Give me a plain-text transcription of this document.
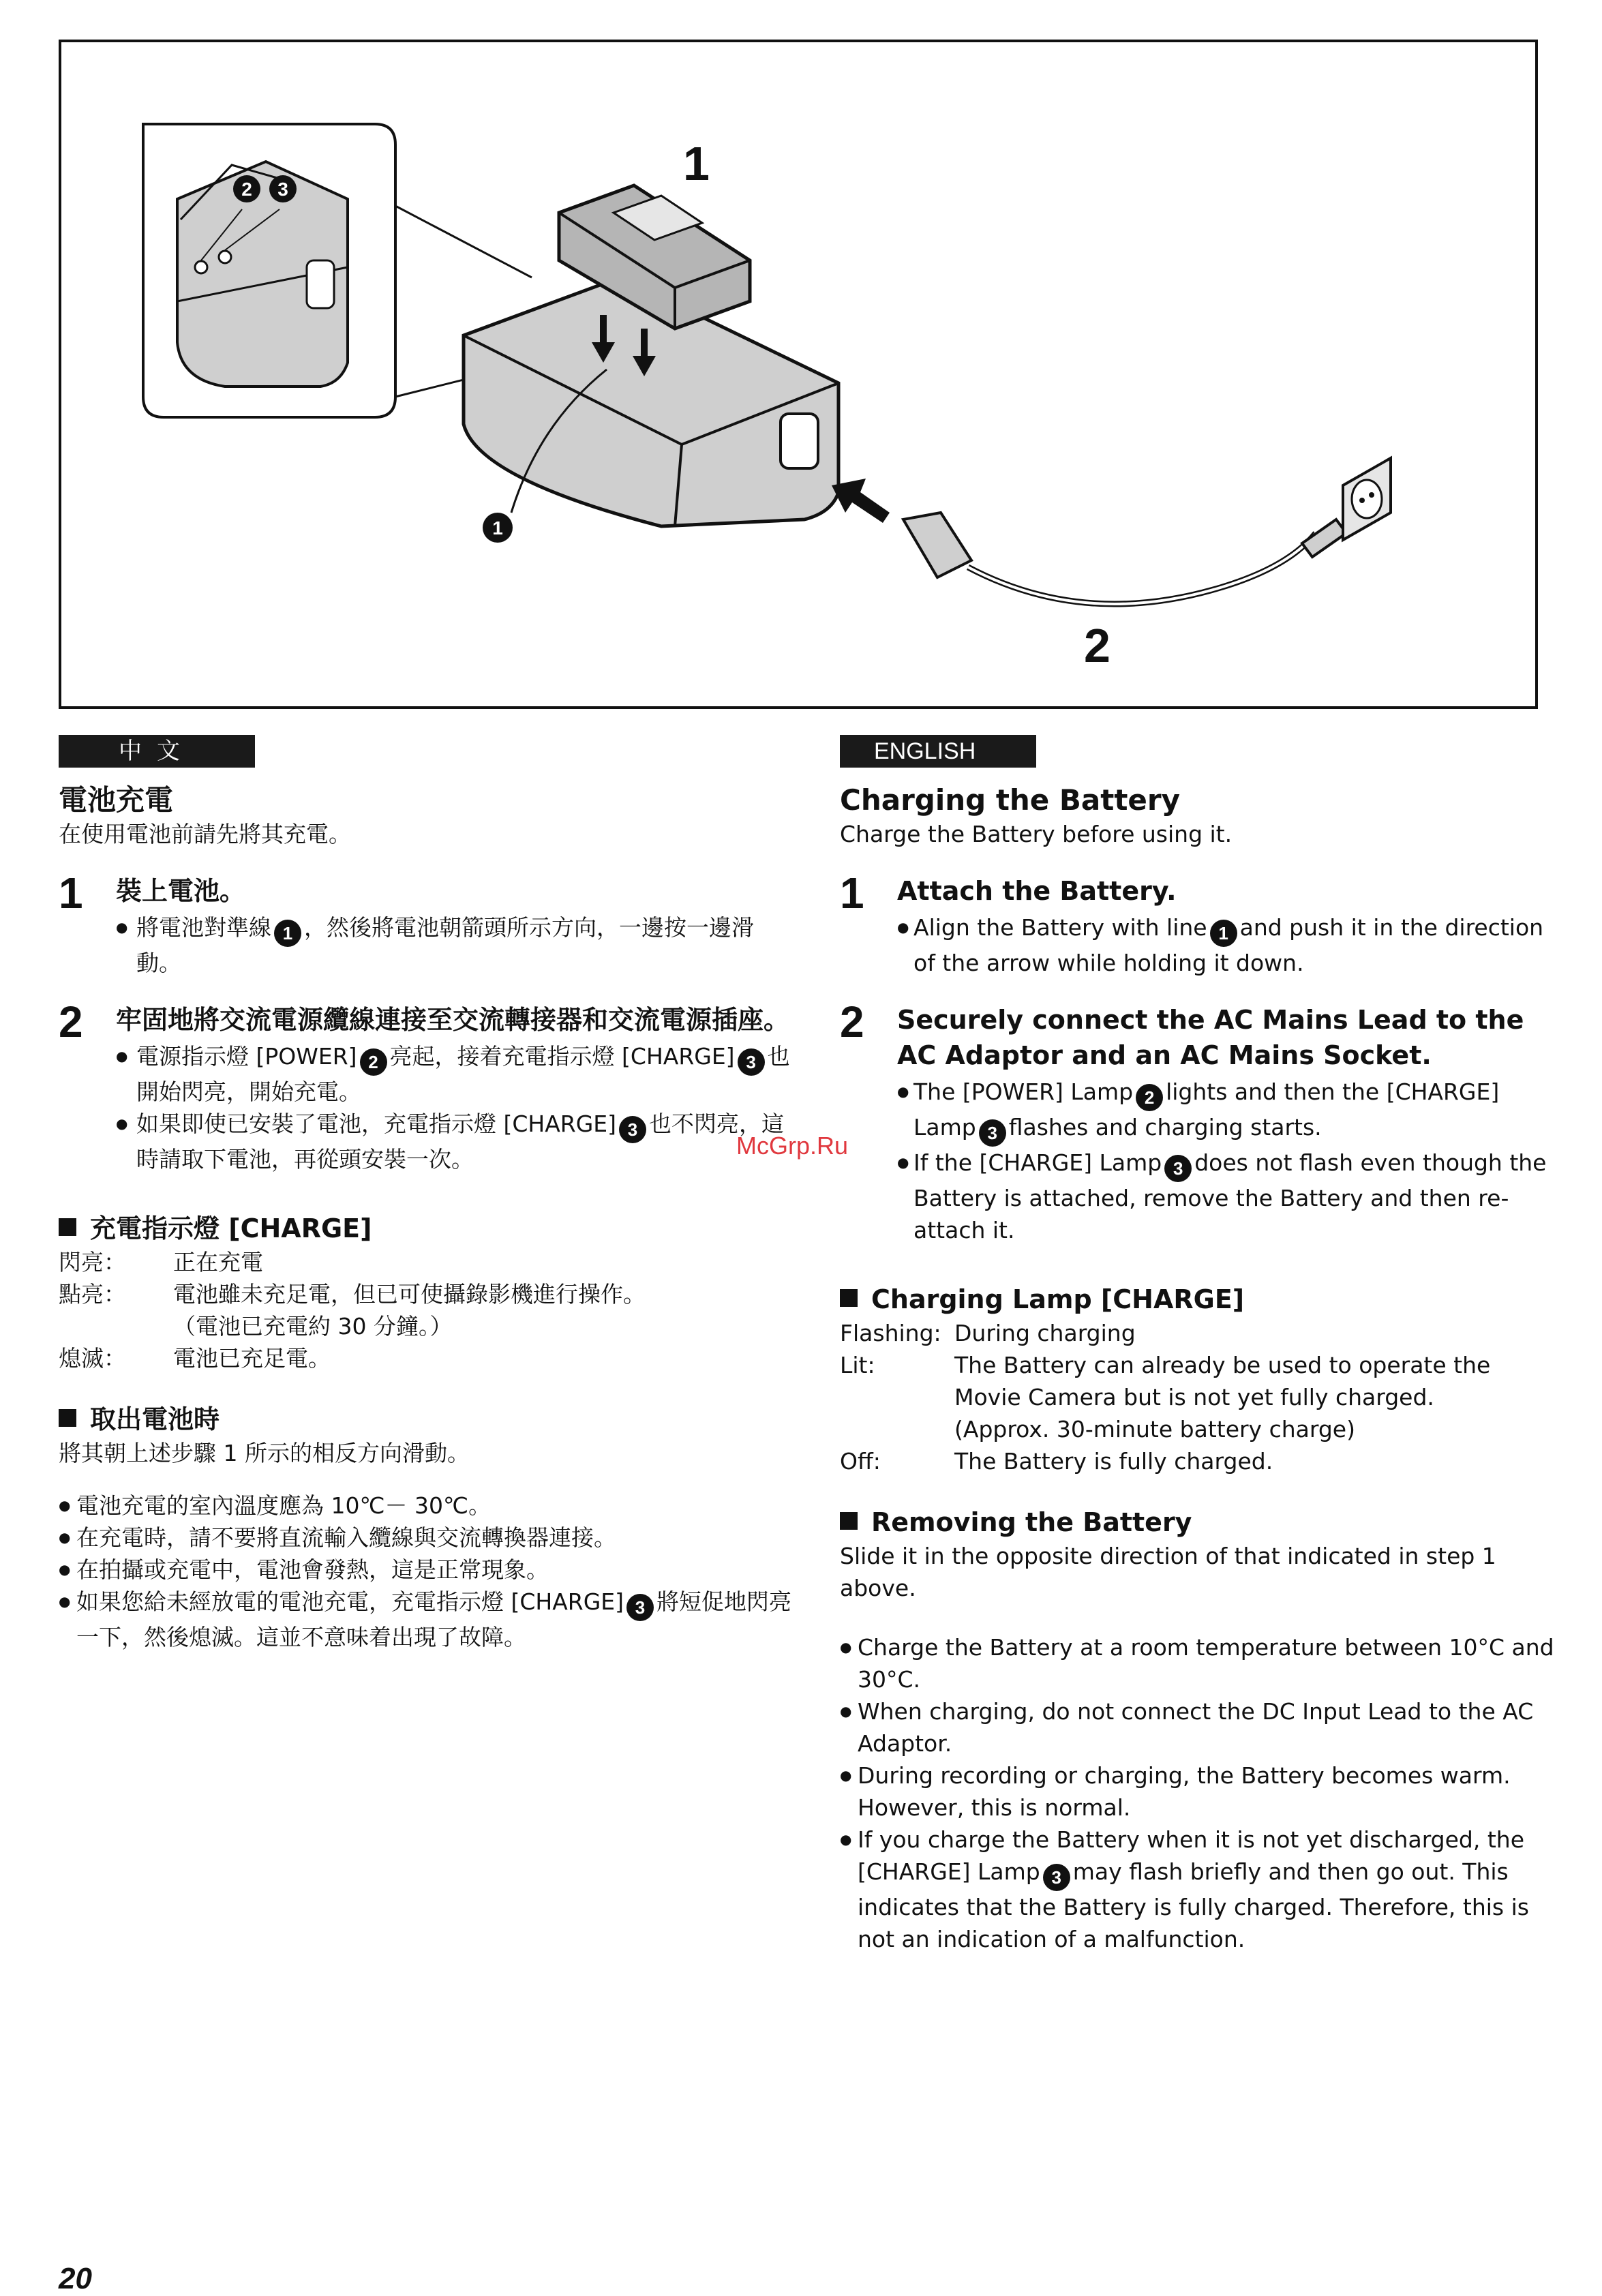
2 3
1
1
2
中文
電池充電
在使用電池前請先將其充電。
1 裝上電池。
● 將電池對準線 1 ，然後將電池朝箭頭所示方向，一邊按一邊滑動。
2 牢固地將交流電源纜線連接至交流轉接器和交流電源插座。
● 電源指示燈 [POWER] 2 亮起，接着充電指示燈 [CHARGE] 3 也開始閃亮，開始充電。
● 如果即使已安裝了電池，充電指示燈 [CHARGE] 3 也不閃亮，這時請取下電池，再從頭安裝一次。
充電指示燈 [CHARGE]
閃亮：	正在充電
點亮：	電池雖未充足電，但已可使攝錄影機進行操作。
（電池已充電約 30 分鐘。）
熄滅：	電池已充足電。
取出電池時
將其朝上述步驟 1 所示的相反方向滑動。
● 電池充電的室內溫度應為 10℃－ 30℃。
● 在充電時，請不要將直流輸入纜線與交流轉換器連接。
● 在拍攝或充電中，電池會發熱，這是正常現象。
● 如果您給未經放電的電池充電，充電指示燈 [CHARGE] 3 將短促地閃亮一下，然後熄滅。這並不意味着出現了故障。
ENGLISH
Charging the Battery
Charge the Battery before using it.
1 Attach the Battery.
● Align the Battery with line 1 and push it in the direction of the arrow while holding it down.
2 Securely connect the AC Mains Lead to the AC Adaptor and an AC Mains Socket.
● The [POWER] Lamp 2 lights and then the [CHARGE] Lamp 3 flashes and charging starts.
● If the [CHARGE] Lamp 3 does not flash even though the Battery is attached, remove the Battery and then re-attach it.
Charging Lamp [CHARGE]
Flashing: During charging
Lit:	The Battery can already be used to operate the Movie Camera but is not yet fully charged.
(Approx. 30-minute battery charge)
Off:	The Battery is fully charged.
Removing the Battery
Slide it in the opposite direction of that indicated in step 1 above.
● Charge the Battery at a room temperature between 10°C and 30°C.
● When charging, do not connect the DC Input Lead to the AC Adaptor.
● During recording or charging, the Battery becomes warm. However, this is normal.
● If you charge the Battery when it is not yet discharged, the [CHARGE] Lamp 3 may flash briefly and then go out. This indicates that the Battery is fully charged. Therefore, this is not an indication of a malfunction.
McGrp.Ru
20
